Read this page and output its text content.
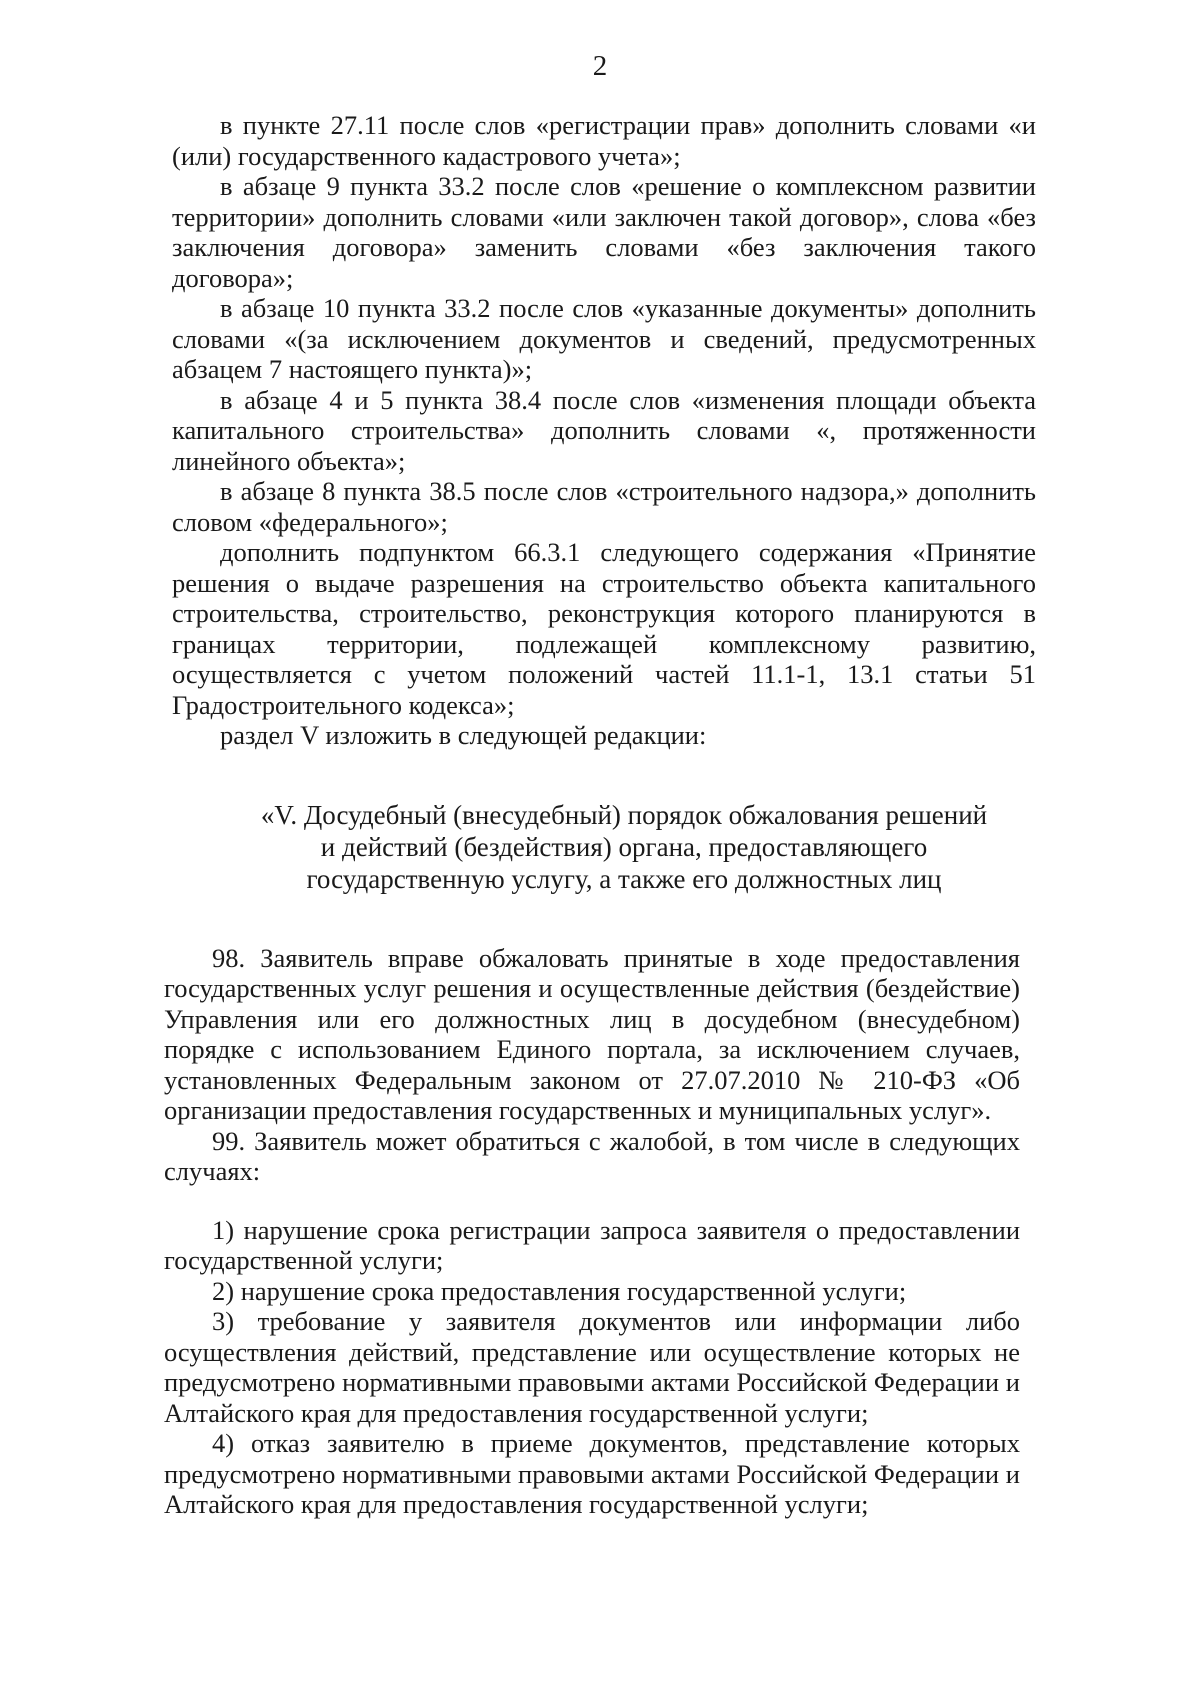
2

в пункте 27.11 после слов «регистрации прав» дополнить словами «и (или) государственного кадастрового учета»;

в абзаце 9 пункта 33.2 после слов «решение о комплексном развитии территории» дополнить словами «или заключен такой договор», слова «без заключения договора» заменить словами «без заключения такого договора»;

в абзаце 10 пункта 33.2 после слов «указанные документы» дополнить словами «(за исключением документов и сведений, предусмотренных абзацем 7 настоящего пункта)»;

в абзаце 4 и 5 пункта 38.4 после слов «изменения площади объекта капитального строительства» дополнить словами «, протяженности линейного объекта»;

в абзаце 8 пункта 38.5 после слов «строительного надзора,» дополнить словом «федерального»;

дополнить подпунктом 66.3.1 следующего содержания «Принятие решения о выдаче разрешения на строительство объекта капитального строительства, строительство, реконструкция которого планируются в границах территории, подлежащей комплексному развитию, осуществляется с учетом положений частей 11.1-1, 13.1 статьи 51 Градостроительного кодекса»;

раздел V изложить в следующей редакции:

«V. Досудебный (внесудебный) порядок обжалования решений
и действий (бездействия) органа, предоставляющего
государственную услугу, а также его должностных лиц

98. Заявитель вправе обжаловать принятые в ходе предоставления государственных услуг решения и осуществленные действия (бездействие) Управления или его должностных лиц в досудебном (внесудебном) порядке с использованием Единого портала, за исключением случаев, установленных Федеральным законом от 27.07.2010 № 210-ФЗ «Об организации предоставления государственных и муниципальных услуг».

99. Заявитель может обратиться с жалобой, в том числе в следующих случаях:

1) нарушение срока регистрации запроса заявителя о предоставлении государственной услуги;

2) нарушение срока предоставления государственной услуги;

3) требование у заявителя документов или информации либо осуществления действий, представление или осуществление которых не предусмотрено нормативными правовыми актами Российской Федерации и Алтайского края для предоставления государственной услуги;

4) отказ заявителю в приеме документов, представление которых предусмотрено нормативными правовыми актами Российской Федерации и Алтайского края для предоставления государственной услуги;
